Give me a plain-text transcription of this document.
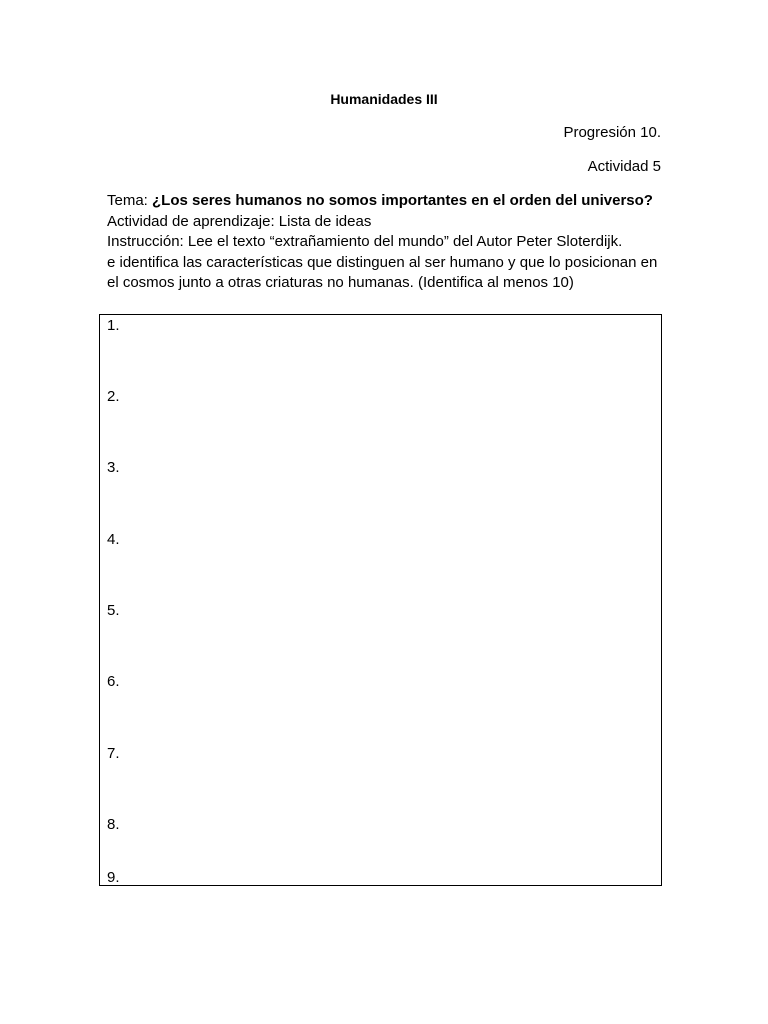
Humanidades III
Progresión 10.
Actividad 5
Tema: ¿Los seres humanos no somos importantes en el orden del universo?
Actividad de aprendizaje: Lista de ideas
Instrucción: Lee el texto “extrañamiento del mundo” del Autor Peter Sloterdijk.
e identifica las características que distinguen al ser humano y que lo posicionan en
el cosmos junto a otras criaturas no humanas. (Identifica al menos 10)
1.
2.
3.
4.
5.
6.
7.
8.
9.
